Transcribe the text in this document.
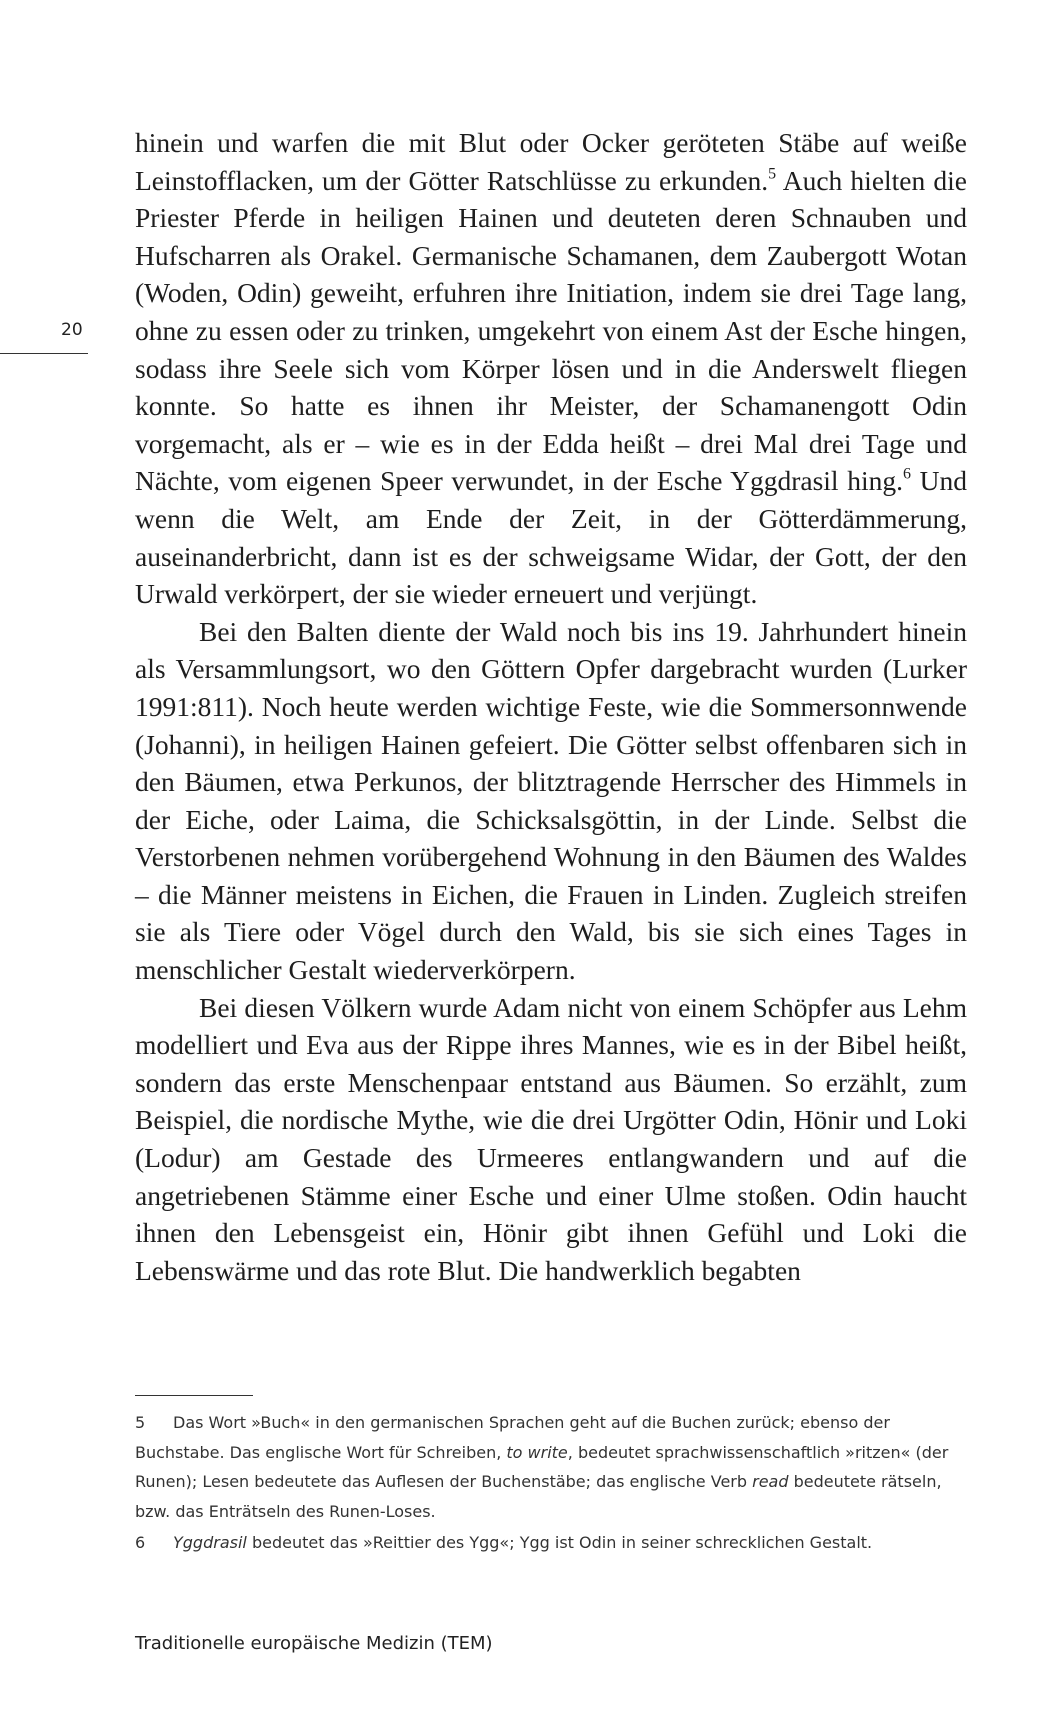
20

hinein und warfen die mit Blut oder Ocker geröteten Stäbe auf weiße Leinstofflacken, um der Götter Ratschlüsse zu erkunden.$^5$ Auch hielten die Priester Pferde in heiligen Hainen und deuteten deren Schnauben und Hufscharren als Orakel. Germanische Schamanen, dem Zaubergott Wotan (Woden, Odin) geweiht, erfuhren ihre Initiation, indem sie drei Tage lang, ohne zu essen oder zu trinken, umgekehrt von einem Ast der Esche hingen, sodass ihre Seele sich vom Körper lösen und in die Anderswelt fliegen konnte. So hatte es ihnen ihr Meister, der Schamanengott Odin vorgemacht, als er – wie es in der Edda heißt – drei Mal drei Tage und Nächte, vom eigenen Speer verwundet, in der Esche Yggdrasil hing.$^6$ Und wenn die Welt, am Ende der Zeit, in der Götterdämmerung, auseinanderbricht, dann ist es der schweigsame Widar, der Gott, der den Urwald verkörpert, der sie wieder erneuert und verjüngt.

Bei den Balten diente der Wald noch bis ins 19. Jahrhundert hinein als Versammlungsort, wo den Göttern Opfer dargebracht wurden (Lurker 1991:811). Noch heute werden wichtige Feste, wie die Sommersonnwende (Johanni), in heiligen Hainen gefeiert. Die Götter selbst offenbaren sich in den Bäumen, etwa Perkunos, der blitztragende Herrscher des Himmels in der Eiche, oder Laima, die Schicksalsgöttin, in der Linde. Selbst die Verstorbenen nehmen vorübergehend Wohnung in den Bäumen des Waldes – die Männer meistens in Eichen, die Frauen in Linden. Zugleich streifen sie als Tiere oder Vögel durch den Wald, bis sie sich eines Tages in menschlicher Gestalt wiederverkörpern.

Bei diesen Völkern wurde Adam nicht von einem Schöpfer aus Lehm modelliert und Eva aus der Rippe ihres Mannes, wie es in der Bibel heißt, sondern das erste Menschenpaar entstand aus Bäumen. So erzählt, zum Beispiel, die nordische Mythe, wie die drei Urgötter Odin, Hönir und Loki (Lodur) am Gestade des Urmeeres entlangwandern und auf die angetriebenen Stämme einer Esche und einer Ulme stoßen. Odin haucht ihnen den Lebensgeist ein, Hönir gibt ihnen Gefühl und Loki die Lebenswärme und das rote Blut. Die handwerklich begabten

5 Das Wort »Buch« in den germanischen Sprachen geht auf die Buchen zurück; ebenso der Buchstabe. Das englische Wort für Schreiben, to write, bedeutet sprachwissenschaftlich »ritzen« (der Runen); Lesen bedeutete das Auflesen der Buchenstäbe; das englische Verb read bedeutete rätseln, bzw. das Enträtseln des Runen-Loses.

6 Yggdrasil bedeutet das »Reittier des Ygg«; Ygg ist Odin in seiner schrecklichen Gestalt.

Traditionelle europäische Medizin (TEM)
